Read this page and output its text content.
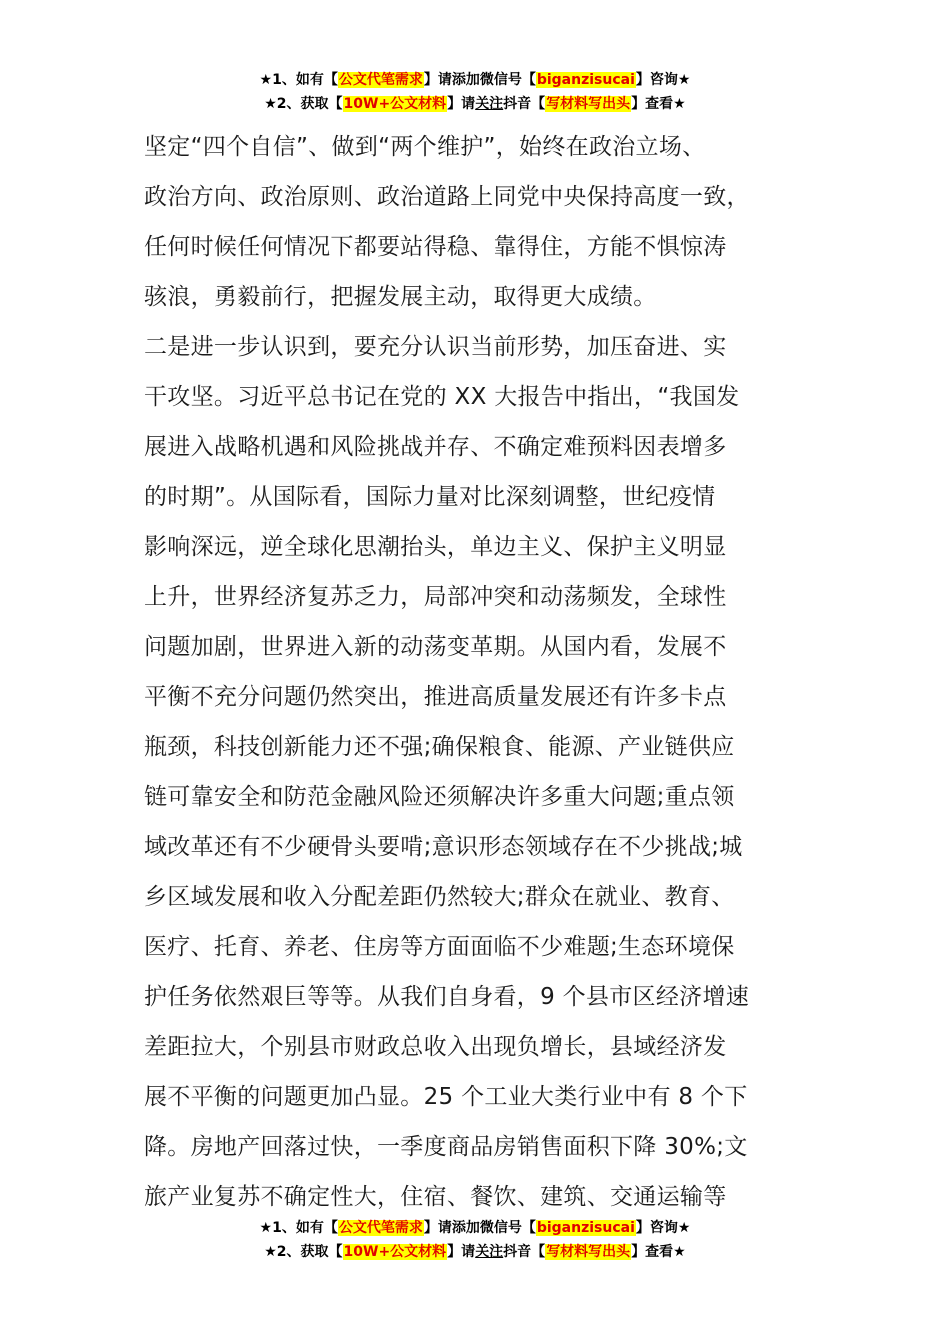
★1、如有【公文代笔需求】请添加微信号【biganzisucai】咨询★
★2、获取【10W+公文材料】请关注抖音【写材料写出头】查看★
坚定“四个自信”、做到“两个维护”，始终在政治立场、
政治方向、政治原则、政治道路上同党中央保持高度一致，
任何时候任何情况下都要站得稳、靠得住，方能不惧惊涛
骇浪，勇毅前行，把握发展主动，取得更大成绩。
二是进一步认识到，要充分认识当前形势，加压奋进、实
干攻坚。习近平总书记在党的 XX 大报告中指出，“我国发
展进入战略机遇和风险挑战并存、不确定难预料因表增多
的时期”。从国际看，国际力量对比深刻调整，世纪疫情
影响深远，逆全球化思潮抬头，单边主义、保护主义明显
上升，世界经济复苏乏力，局部冲突和动荡频发，全球性
问题加剧，世界进入新的动荡变革期。从国内看，发展不
平衡不充分问题仍然突出，推进高质量发展还有许多卡点
瓶颈，科技创新能力还不强;确保粮食、能源、产业链供应
链可靠安全和防范金融风险还须解决许多重大问题;重点领
域改革还有不少硬骨头要啃;意识形态领域存在不少挑战;城
乡区域发展和收入分配差距仍然较大;群众在就业、教育、
医疗、托育、养老、住房等方面面临不少难题;生态环境保
护任务依然艰巨等等。从我们自身看，9 个县市区经济增速
差距拉大，个别县市财政总收入出现负增长，县域经济发
展不平衡的问题更加凸显。25 个工业大类行业中有 8 个下
降。房地产回落过快，一季度商品房销售面积下降 30%;文
旅产业复苏不确定性大，住宿、餐饮、建筑、交通运输等
★1、如有【公文代笔需求】请添加微信号【biganzisucai】咨询★
★2、获取【10W+公文材料】请关注抖音【写材料写出头】查看★
